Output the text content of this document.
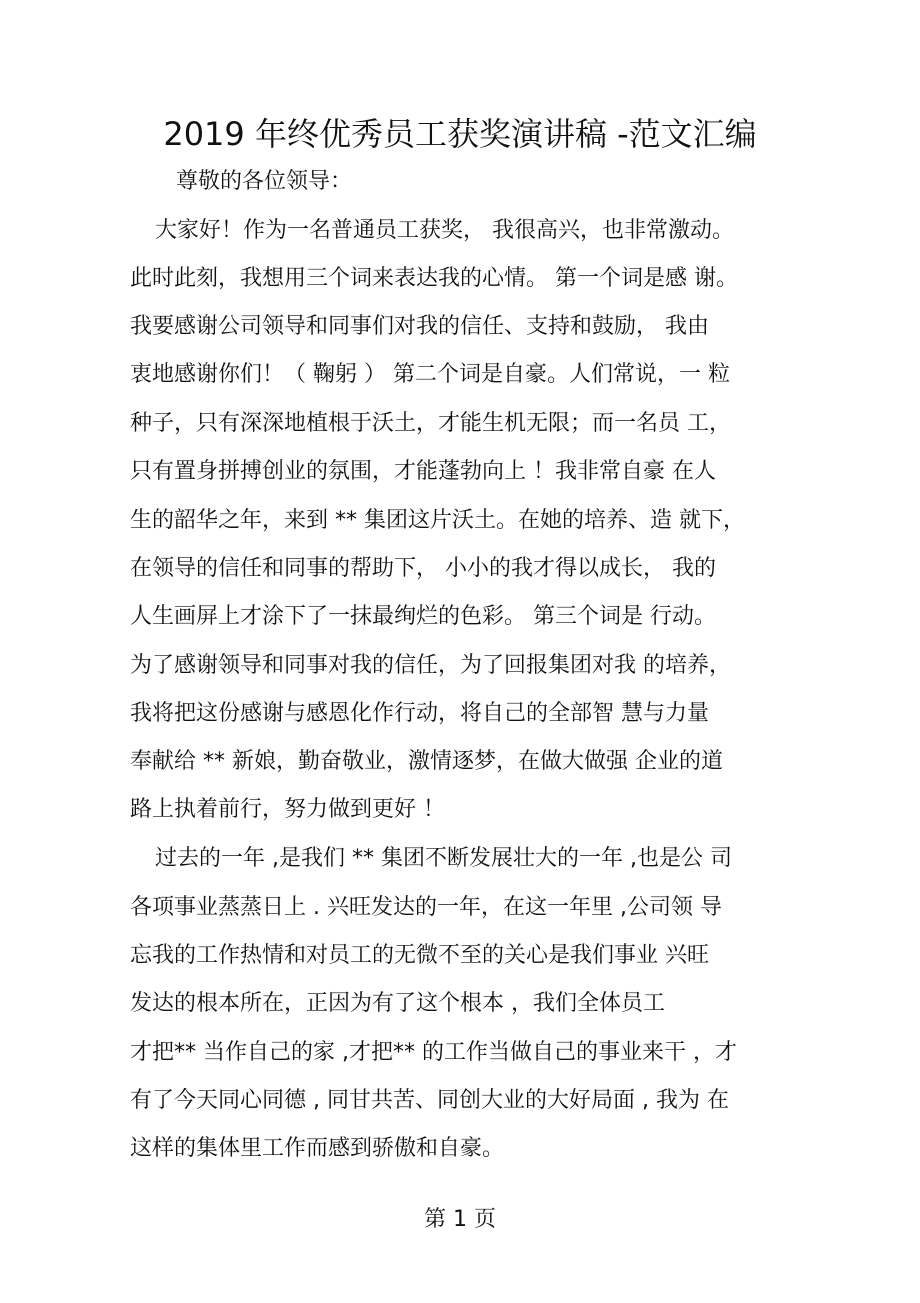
2019 年终优秀员工获奖演讲稿 -范文汇编
尊敬的各位领导：
大家好！作为一名普通员工获奖， 我很高兴，也非常激动。
此时此刻，我想用三个词来表达我的心情。 第一个词是感 谢。
我要感谢公司领导和同事们对我的信任、支持和鼓励， 我由
衷地感谢你们！（ 鞠躬 ） 第二个词是自豪。人们常说，一 粒
种子，只有深深地植根于沃土，才能生机无限；而一名员 工，
只有置身拼搏创业的氛围，才能蓬勃向上 ！我非常自豪 在人
生的韶华之年，来到 ** 集团这片沃土。在她的培养、造 就下，
在领导的信任和同事的帮助下， 小小的我才得以成长， 我的
人生画屏上才涂下了一抹最绚烂的色彩。 第三个词是 行动。
为了感谢领导和同事对我的信任，为了回报集团对我 的培养，
我将把这份感谢与感恩化作行动，将自己的全部智 慧与力量
奉献给 ** 新娘，勤奋敬业，激情逐梦，在做大做强 企业的道
路上执着前行，努力做到更好 ！
过去的一年 ,是我们 ** 集团不断发展壮大的一年 ,也是公 司
各项事业蒸蒸日上 . 兴旺发达的一年，在这一年里 ,公司领 导
忘我的工作热情和对员工的无微不至的关心是我们事业 兴旺
发达的根本所在，正因为有了这个根本 ，我们全体员工
才把** 当作自己的家 ,才把** 的工作当做自己的事业来干 ，才
有了今天同心同德 , 同甘共苦、同创大业的大好局面 , 我为 在
这样的集体里工作而感到骄傲和自豪。
第 1 页
